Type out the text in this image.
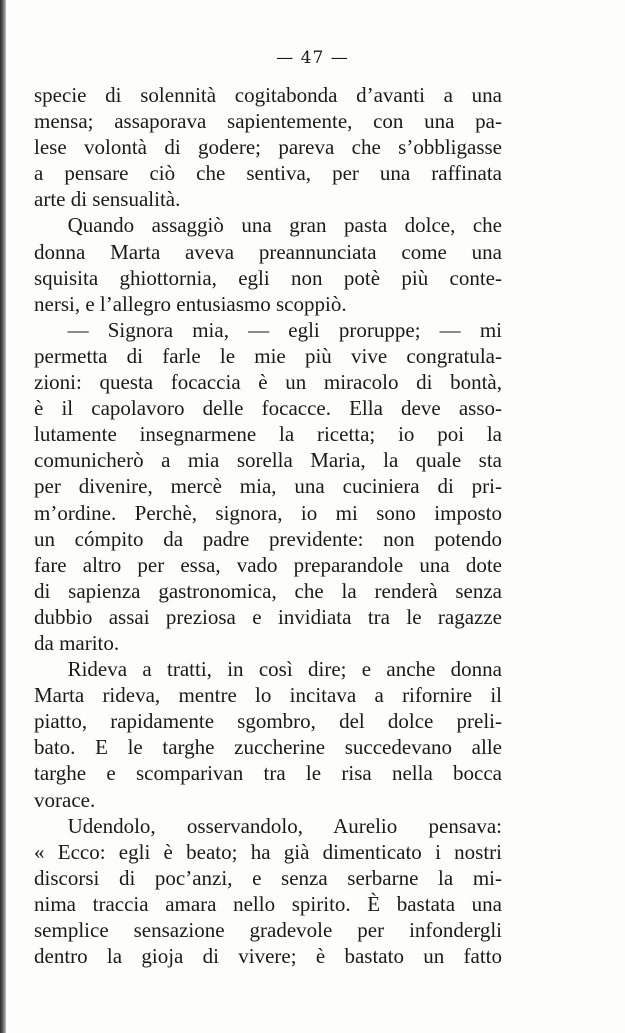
— 47 —
specie di solennità cogitabonda d’avanti a una
mensa; assaporava sapientemente, con una pa-
lese volontà di godere; pareva che s’obbligasse
a pensare ciò che sentiva, per una raffinata
arte di sensualità.
Quando assaggiò una gran pasta dolce, che
donna Marta aveva preannunciata come una
squisita ghiottornia, egli non potè più conte-
nersi, e l’allegro entusiasmo scoppiò.
— Signora mia, — egli proruppe; — mi
permetta di farle le mie più vive congratula-
zioni: questa focaccia è un miracolo di bontà,
è il capolavoro delle focacce. Ella deve asso-
lutamente insegnarmene la ricetta; io poi la
comunicherò a mia sorella Maria, la quale sta
per divenire, mercè mia, una cuciniera di pri-
m’ordine. Perchè, signora, io mi sono imposto
un cómpito da padre previdente: non potendo
fare altro per essa, vado preparandole una dote
di sapienza gastronomica, che la renderà senza
dubbio assai preziosa e invidiata tra le ragazze
da marito.
Rideva a tratti, in così dire; e anche donna
Marta rideva, mentre lo incitava a rifornire il
piatto, rapidamente sgombro, del dolce preli-
bato. E le targhe zuccherine succedevano alle
targhe e scomparivan tra le risa nella bocca
vorace.
Udendolo, osservandolo, Aurelio pensava:
« Ecco: egli è beato; ha già dimenticato i nostri
discorsi di poc’anzi, e senza serbarne la mi-
nima traccia amara nello spirito. È bastata una
semplice sensazione gradevole per infondergli
dentro la gioja di vivere; è bastato un fatto
